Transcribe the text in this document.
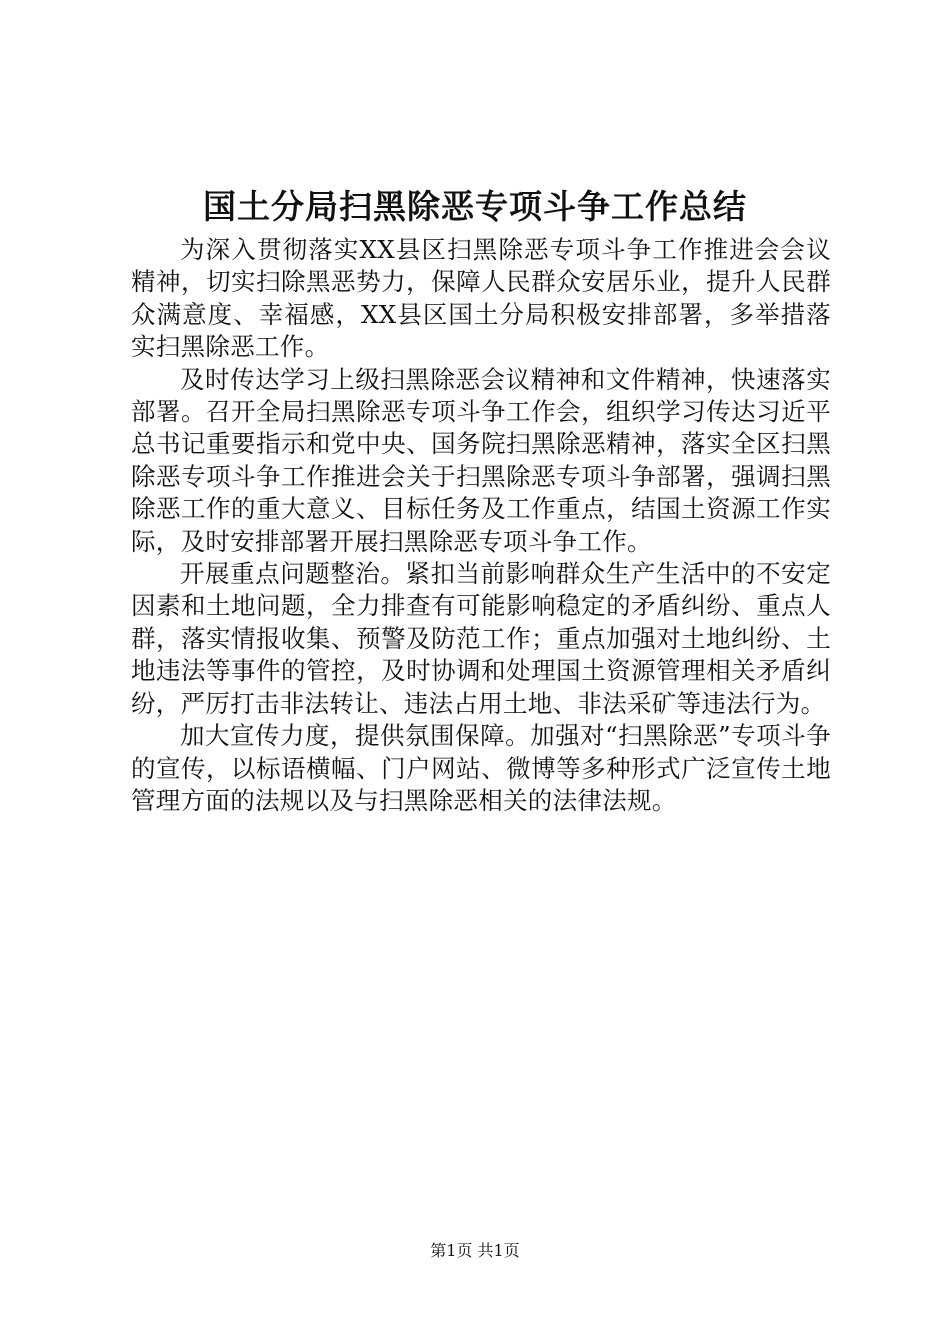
国土分局扫黑除恶专项斗争工作总结

为深入贯彻落实XX县区扫黑除恶专项斗争工作推进会会议精神，切实扫除黑恶势力，保障人民群众安居乐业，提升人民群众满意度、幸福感，XX县区国土分局积极安排部署，多举措落实扫黑除恶工作。

及时传达学习上级扫黑除恶会议精神和文件精神，快速落实部署。召开全局扫黑除恶专项斗争工作会，组织学习传达习近平总书记重要指示和党中央、国务院扫黑除恶精神，落实全区扫黑除恶专项斗争工作推进会关于扫黑除恶专项斗争部署，强调扫黑除恶工作的重大意义、目标任务及工作重点，结国土资源工作实际，及时安排部署开展扫黑除恶专项斗争工作。

开展重点问题整治。紧扣当前影响群众生产生活中的不安定因素和土地问题，全力排查有可能影响稳定的矛盾纠纷、重点人群，落实情报收集、预警及防范工作；重点加强对土地纠纷、土地违法等事件的管控，及时协调和处理国土资源管理相关矛盾纠纷，严厉打击非法转让、违法占用土地、非法采矿等违法行为。

加大宣传力度，提供氛围保障。加强对“扫黑除恶”专项斗争的宣传，以标语横幅、门户网站、微博等多种形式广泛宣传土地管理方面的法规以及与扫黑除恶相关的法律法规。

第1页 共1页
